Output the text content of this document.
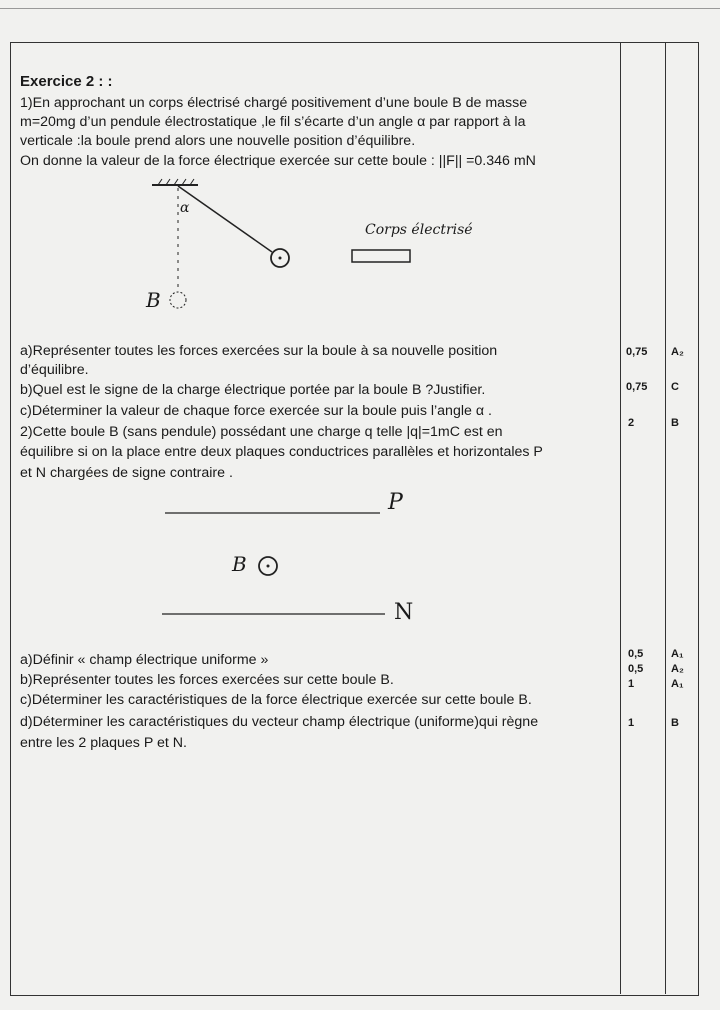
Exercice 2 : :
1)En approchant un corps électrisé chargé positivement d’une boule B de masse
m=20mg d’un pendule électrostatique ,le fil s’écarte d’un angle α par rapport à la
verticale :la boule prend alors une nouvelle position d’équilibre.
On donne la valeur de la force électrique exercée sur cette boule : ||F|| =0.346 mN
α
B
Corps électrisé
P
B
N
a)Représenter toutes les forces exercées sur la boule à sa nouvelle position
d’équilibre.
b)Quel est le signe de la charge électrique portée par la boule B ?Justifier.
c)Déterminer la valeur de chaque force exercée sur la boule puis l’angle α .
2)Cette boule B (sans pendule) possédant une charge q telle |q|=1mC est en
équilibre si on la place entre deux plaques conductrices parallèles et horizontales P
et N chargées de signe contraire .
0,75 A₂
0,75 C
2	B
a)Définir « champ électrique uniforme »
b)Représenter toutes les forces exercées sur cette boule B.
c)Déterminer les caractéristiques de la force électrique exercée sur cette boule B.
d)Déterminer les caractéristiques du vecteur champ électrique (uniforme)qui règne
entre les 2 plaques P et N.
0,5	A₁
0,5	A₂
1	A₁
1	B
